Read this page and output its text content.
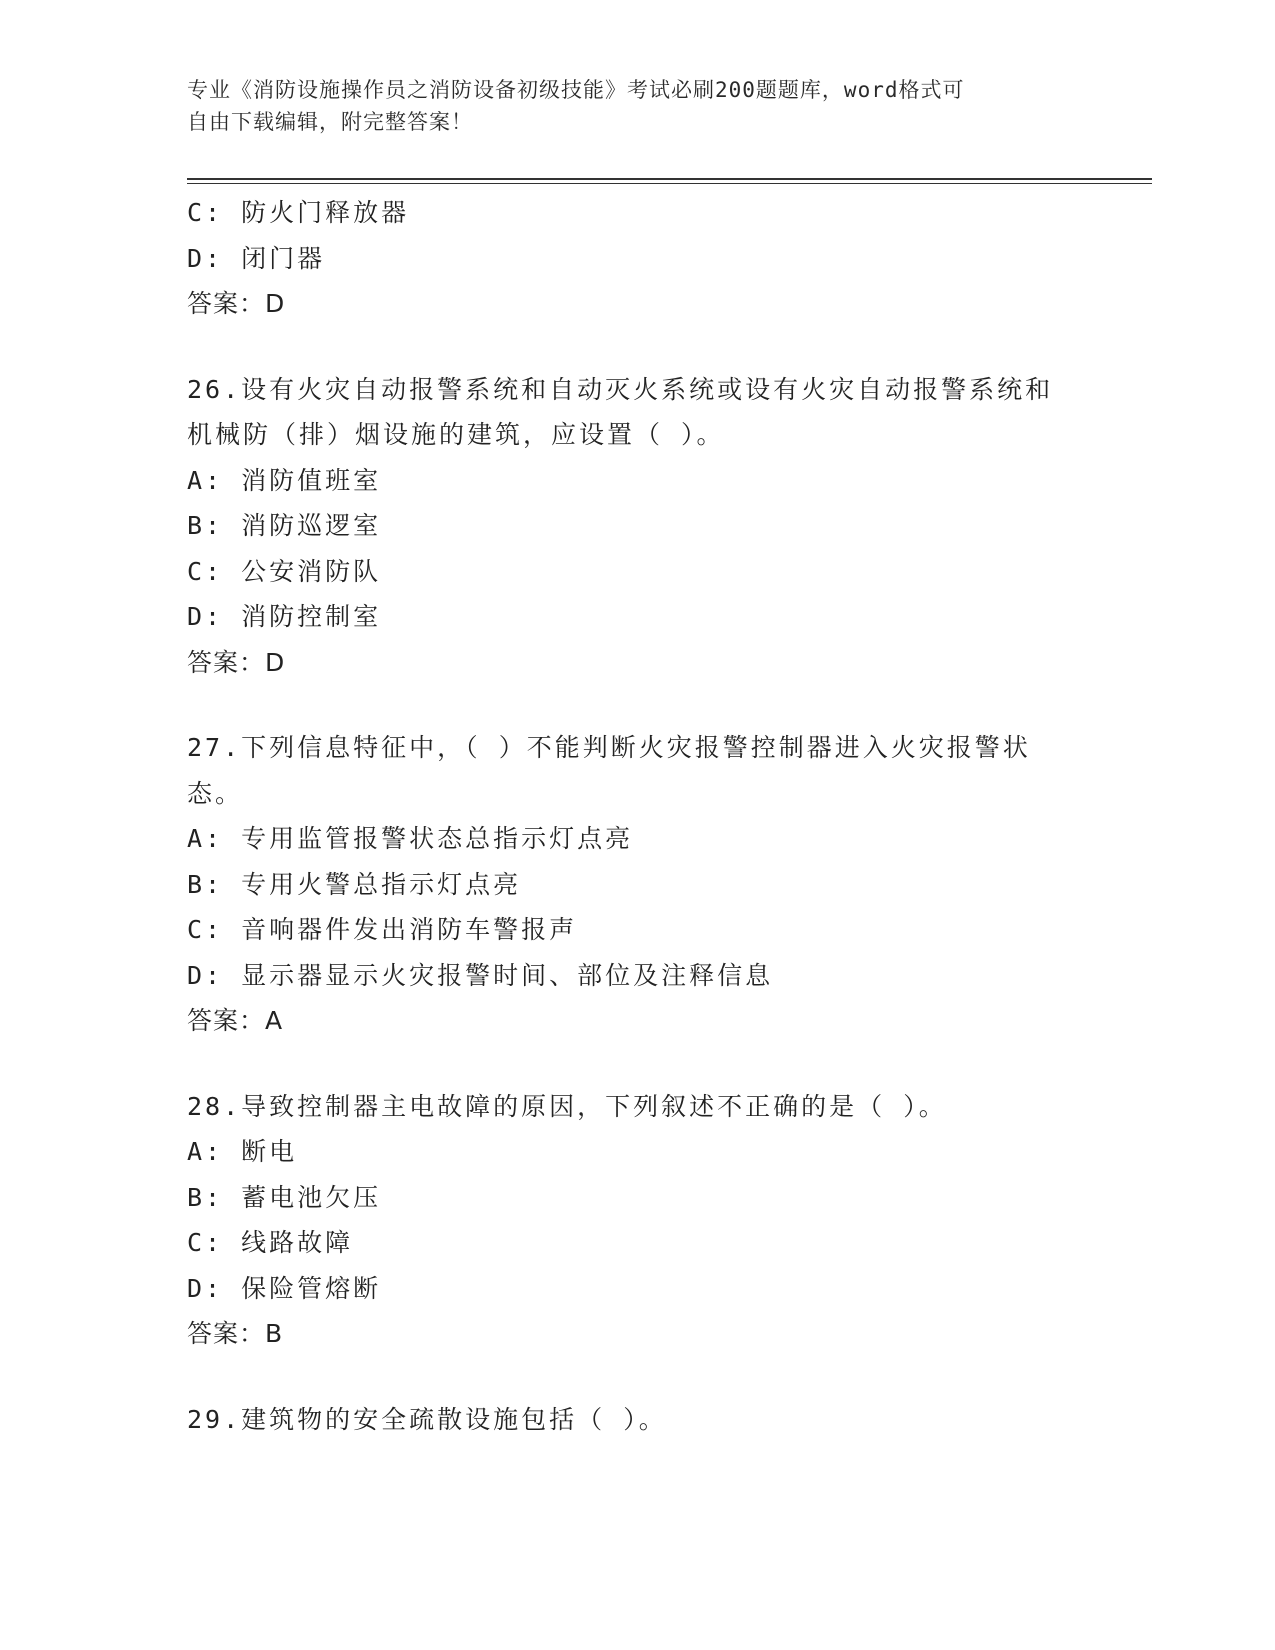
专业《消防设施操作员之消防设备初级技能》考试必刷200题题库，word格式可
自由下载编辑，附完整答案！
C: 防火门释放器
D: 闭门器
答案：D
26.设有火灾自动报警系统和自动灭火系统或设有火灾自动报警系统和
机械防（排）烟设施的建筑，应设置（ ）。
A: 消防值班室
B: 消防巡逻室
C: 公安消防队
D: 消防控制室
答案：D
27.下列信息特征中，（ ）不能判断火灾报警控制器进入火灾报警状
态。
A: 专用监管报警状态总指示灯点亮
B: 专用火警总指示灯点亮
C: 音响器件发出消防车警报声
D: 显示器显示火灾报警时间、部位及注释信息
答案：A
28.导致控制器主电故障的原因，下列叙述不正确的是（ ）。
A: 断电
B: 蓄电池欠压
C: 线路故障
D: 保险管熔断
答案：B
29.建筑物的安全疏散设施包括（ ）。
